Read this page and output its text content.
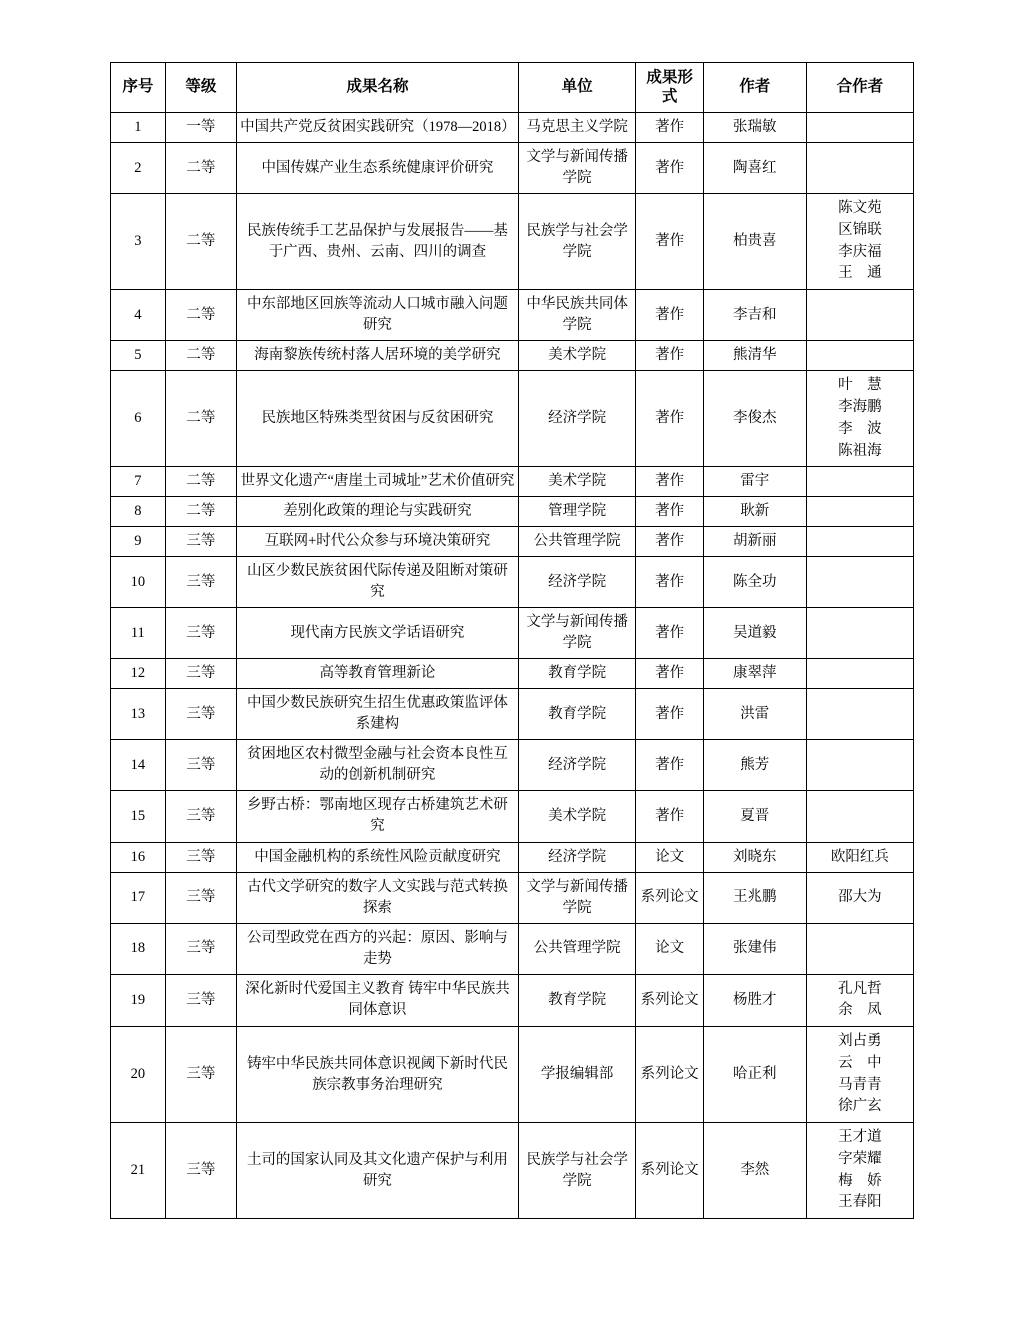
序号	等级	成果名称	单位	成果形式	作者	合作者
1	一等	中国共产党反贫困实践研究（1978—2018）	马克思主义学院	著作	张瑞敏	
2	二等	中国传媒产业生态系统健康评价研究	文学与新闻传播学院	著作	陶喜红	
3	二等	民族传统手工艺品保护与发展报告——基于广西、贵州、云南、四川的调查	民族学与社会学学院	著作	柏贵喜	陈文苑
区锦联
李庆福
王　通

4	二等	中东部地区回族等流动人口城市融入问题研究	中华民族共同体学院	著作	李吉和	
5	二等	海南黎族传统村落人居环境的美学研究	美术学院	著作	熊清华	
6	二等	民族地区特殊类型贫困与反贫困研究	经济学院	著作	李俊杰	叶　慧
李海鹏
李　波
陈祖海

7	二等	世界文化遗产“唐崖土司城址”艺术价值研究	美术学院	著作	雷宇	
8	二等	差别化政策的理论与实践研究	管理学院	著作	耿新	
9	三等	互联网+时代公众参与环境决策研究	公共管理学院	著作	胡新丽	
10	三等	山区少数民族贫困代际传递及阻断对策研究	经济学院	著作	陈全功	
11	三等	现代南方民族文学话语研究	文学与新闻传播学院	著作	吴道毅	
12	三等	高等教育管理新论	教育学院	著作	康翠萍	
13	三等	中国少数民族研究生招生优惠政策监评体系建构	教育学院	著作	洪雷	
14	三等	贫困地区农村微型金融与社会资本良性互动的创新机制研究	经济学院	著作	熊芳	
15	三等	乡野古桥：鄂南地区现存古桥建筑艺术研究	美术学院	著作	夏晋	
16	三等	中国金融机构的系统性风险贡献度研究	经济学院	论文	刘晓东	欧阳红兵
17	三等	古代文学研究的数字人文实践与范式转换探索	文学与新闻传播学院	系列论文	王兆鹏	邵大为
18	三等	公司型政党在西方的兴起：原因、影响与走势	公共管理学院	论文	张建伟	
19	三等	深化新时代爱国主义教育 铸牢中华民族共同体意识	教育学院	系列论文	杨胜才	孔凡哲
余　凤

20	三等	铸牢中华民族共同体意识视阈下新时代民族宗教事务治理研究	学报编辑部	系列论文	哈正利	刘占勇
云　中
马青青
徐广玄

21	三等	土司的国家认同及其文化遗产保护与利用研究	民族学与社会学学院	系列论文	李然	王才道
字荣耀
梅　娇
王春阳
